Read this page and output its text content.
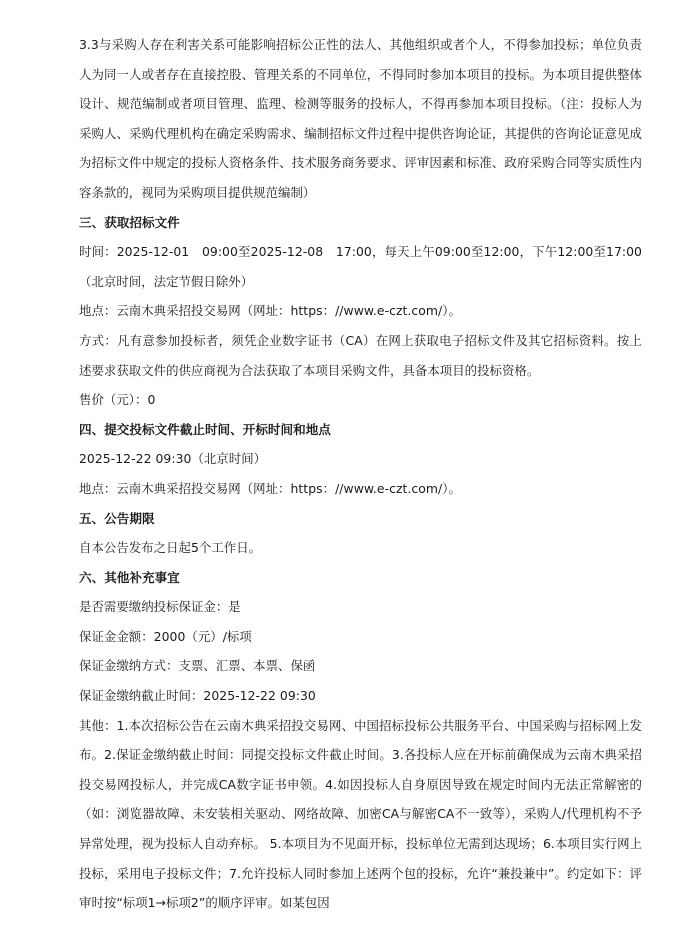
3.3与采购人存在利害关系可能影响招标公正性的法人、其他组织或者个人，不得参加投标；单位负责人为同一人或者存在直接控股、管理关系的不同单位，不得同时参加本项目的投标。为本项目提供整体设计、规范编制或者项目管理、监理、检测等服务的投标人，不得再参加本项目投标。（注：投标人为采购人、采购代理机构在确定采购需求、编制招标文件过程中提供咨询论证，其提供的咨询论证意见成为招标文件中规定的投标人资格条件、技术服务商务要求、评审因素和标准、政府采购合同等实质性内容条款的，视同为采购项目提供规范编制）

三、获取招标文件

时间：2025-12-01　09:00至2025-12-08　17:00，每天上午09:00至12:00，下午12:00至17:00（北京时间，法定节假日除外）

地点：云南木典采招投交易网（网址：https：//www.e-czt.com/）。

方式：凡有意参加投标者，须凭企业数字证书（CA）在网上获取电子招标文件及其它招标资料。按上述要求获取文件的供应商视为合法获取了本项目采购文件，具备本项目的投标资格。

售价（元）：0

四、提交投标文件截止时间、开标时间和地点

2025-12-22 09:30（北京时间）

地点：云南木典采招投交易网（网址：https：//www.e-czt.com/）。

五、公告期限

自本公告发布之日起5个工作日。

六、其他补充事宜

是否需要缴纳投标保证金：是

保证金金额：2000（元）/标项

保证金缴纳方式：支票、汇票、本票、保函

保证金缴纳截止时间：2025-12-22 09:30

其他：1.本次招标公告在云南木典采招投交易网、中国招标投标公共服务平台、中国采购与招标网上发布。2.保证金缴纳截止时间：同提交投标文件截止时间。3.各投标人应在开标前确保成为云南木典采招投交易网投标人，并完成CA数字证书申领。4.如因投标人自身原因导致在规定时间内无法正常解密的（如：浏览器故障、未安装相关驱动、网络故障、加密CA与解密CA不一致等），采购人/代理机构不予异常处理，视为投标人自动弃标。 5.本项目为不见面开标，投标单位无需到达现场；6.本项目实行网上投标，采用电子投标文件；7.允许投标人同时参加上述两个包的投标，允许“兼投兼中”。约定如下：评审时按“标项1→标项2”的顺序评审。如某包因
